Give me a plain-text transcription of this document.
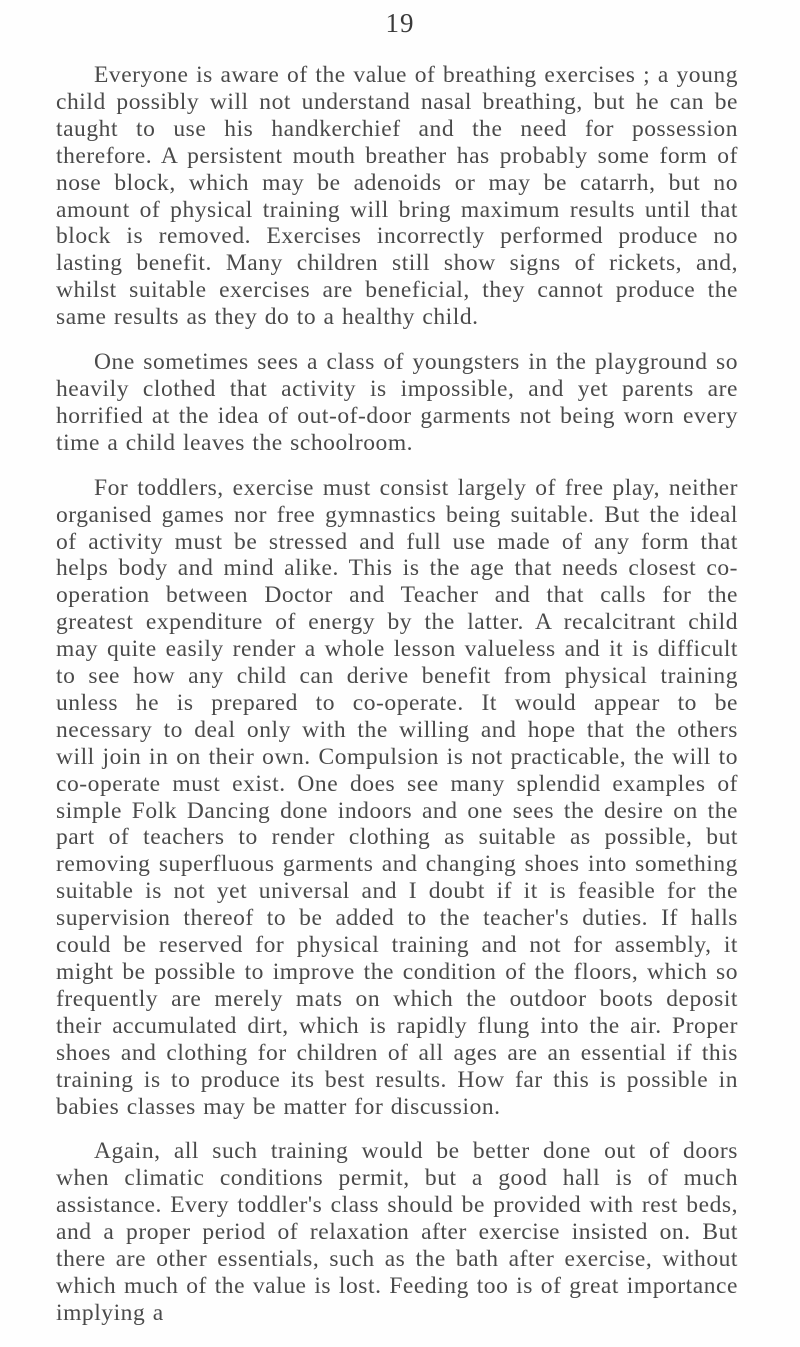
19

Everyone is aware of the value of breathing exercises ; a young child possibly will not understand nasal breathing, but he can be taught to use his handkerchief and the need for possession therefore. A persistent mouth breather has probably some form of nose block, which may be adenoids or may be catarrh, but no amount of physical training will bring maximum results until that block is removed. Exercises incorrectly performed produce no lasting benefit. Many children still show signs of rickets, and, whilst suitable exercises are beneficial, they cannot produce the same results as they do to a healthy child.

One sometimes sees a class of youngsters in the playground so heavily clothed that activity is impossible, and yet parents are horrified at the idea of out-of-door garments not being worn every time a child leaves the schoolroom.

For toddlers, exercise must consist largely of free play, neither organised games nor free gymnastics being suitable. But the ideal of activity must be stressed and full use made of any form that helps body and mind alike. This is the age that needs closest co-operation between Doctor and Teacher and that calls for the greatest expenditure of energy by the latter. A recalcitrant child may quite easily render a whole lesson valueless and it is difficult to see how any child can derive benefit from physical training unless he is prepared to co-operate. It would appear to be necessary to deal only with the willing and hope that the others will join in on their own. Compulsion is not practicable, the will to co-operate must exist. One does see many splendid examples of simple Folk Dancing done indoors and one sees the desire on the part of teachers to render clothing as suitable as possible, but removing superfluous garments and changing shoes into something suitable is not yet universal and I doubt if it is feasible for the supervision thereof to be added to the teacher's duties. If halls could be reserved for physical training and not for assembly, it might be possible to improve the condition of the floors, which so frequently are merely mats on which the outdoor boots deposit their accumulated dirt, which is rapidly flung into the air. Proper shoes and clothing for children of all ages are an essential if this training is to produce its best results. How far this is possible in babies classes may be matter for discussion.

Again, all such training would be better done out of doors when climatic conditions permit, but a good hall is of much assistance. Every toddler's class should be provided with rest beds, and a proper period of relaxation after exercise insisted on. But there are other essentials, such as the bath after exercise, without which much of the value is lost. Feeding too is of great importance implying a
